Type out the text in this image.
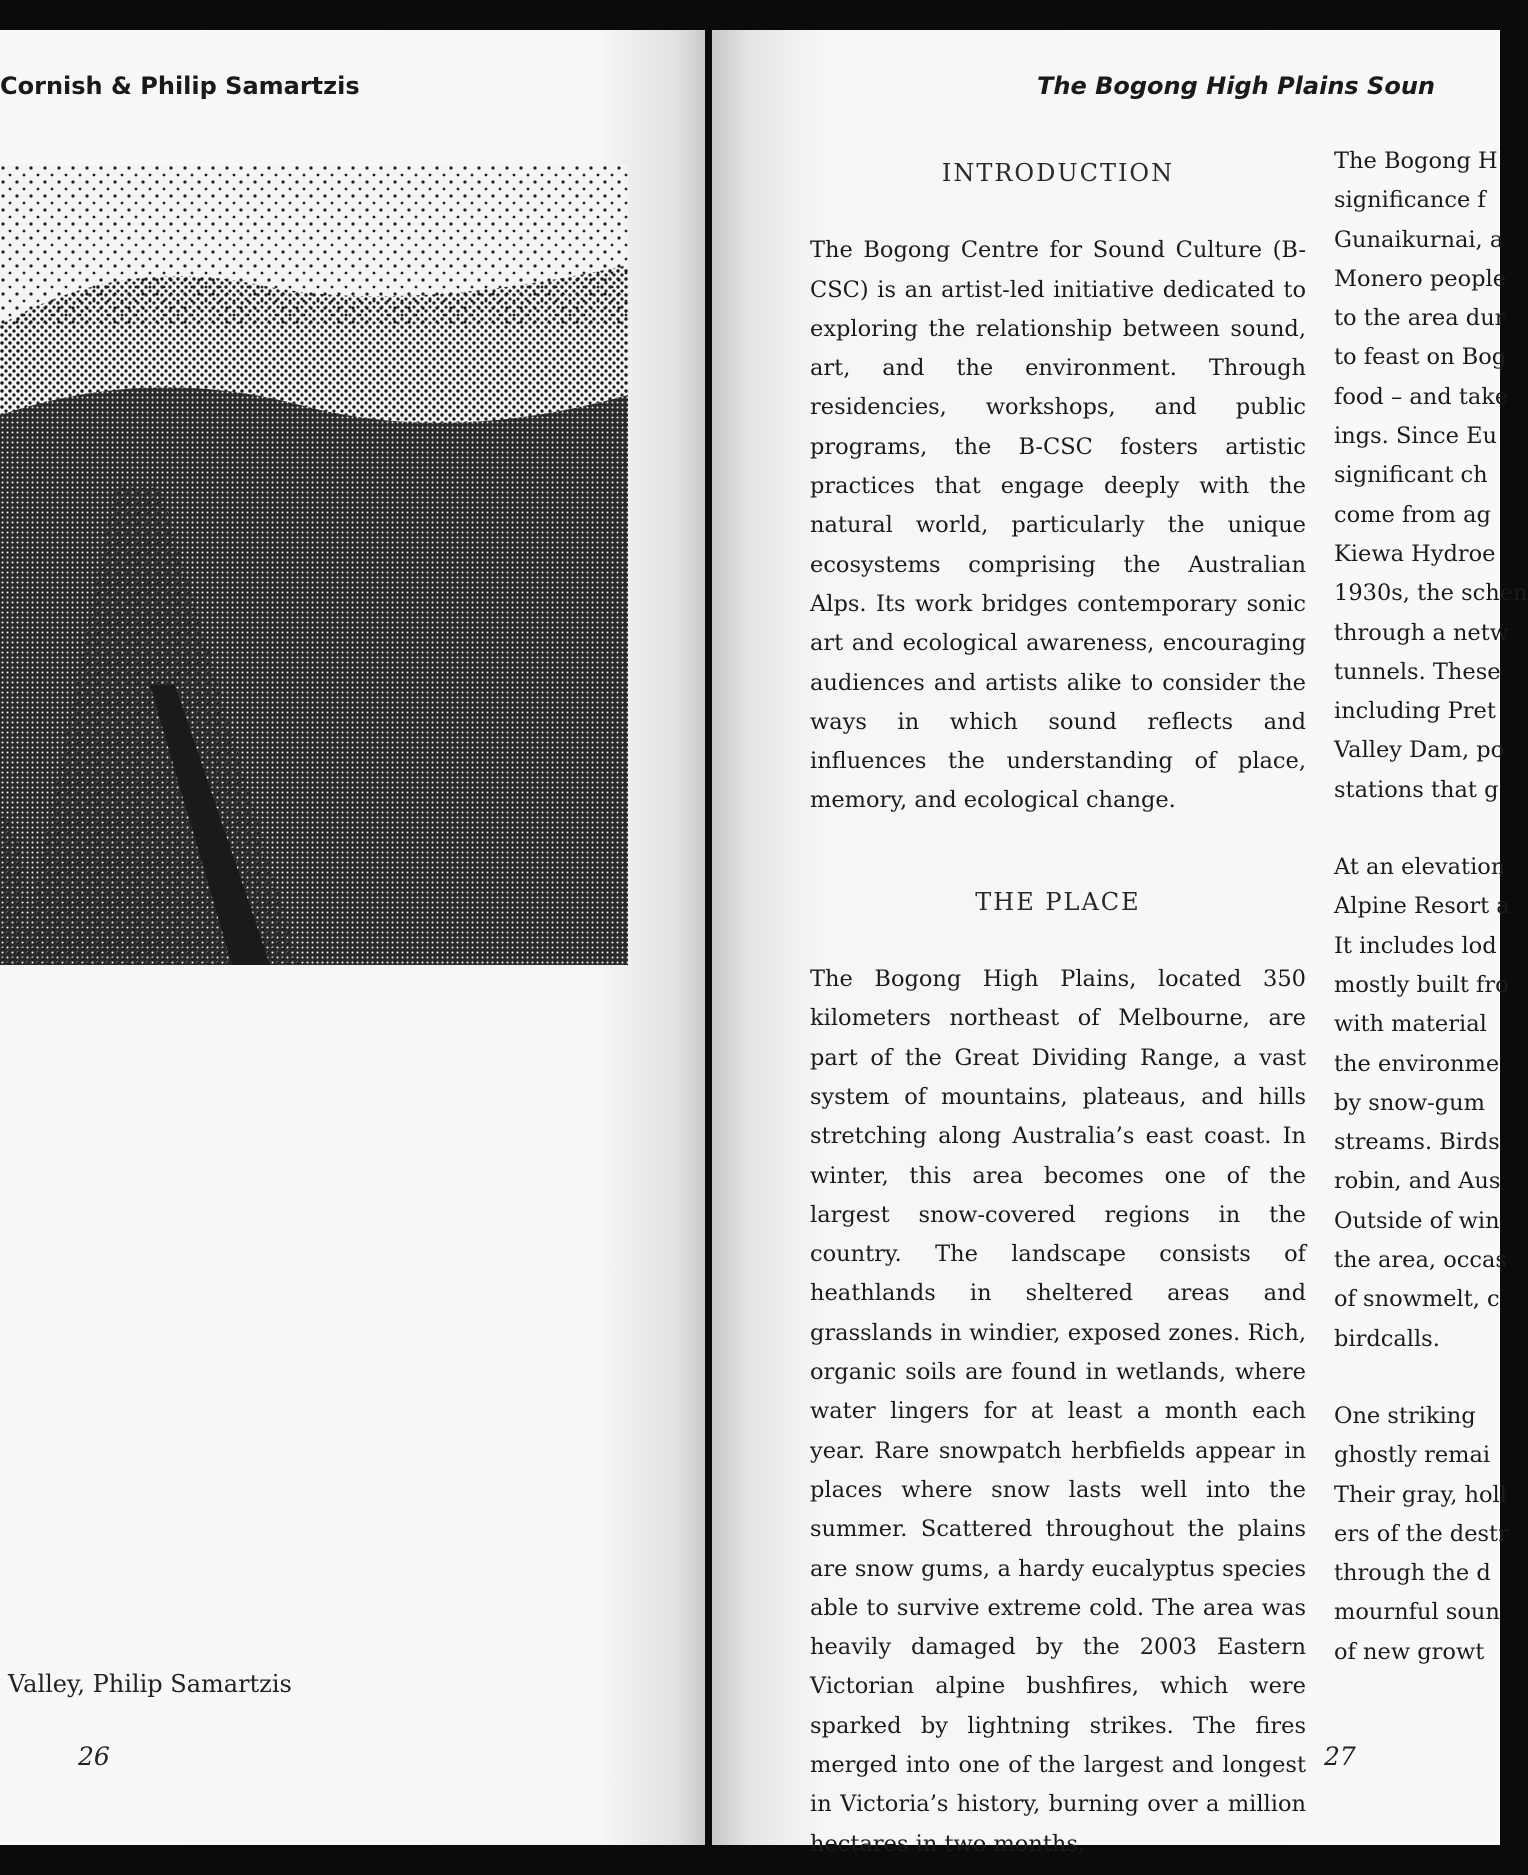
Cornish & Philip Samartzis

Valley, Philip Samartzis

26

The Bogong High Plains Soun

INTRODUCTION

The Bogong Centre for Sound Culture (B-CSC) is an artist-led initiative dedicated to exploring the relationship between sound, art, and the environment. Through residencies, workshops, and public programs, the B-CSC fosters artistic practices that engage deeply with the natural world, particularly the unique ecosystems comprising the Australian Alps. Its work bridges contemporary sonic art and ecological awareness, encouraging audiences and artists alike to consider the ways in which sound reflects and influences the understanding of place, memory, and ecological change.

THE PLACE

The Bogong High Plains, located 350 kilometers northeast of Melbourne, are part of the Great Dividing Range, a vast system of mountains, plateaus, and hills stretching along Australia’s east coast. In winter, this area becomes one of the largest snow-covered regions in the country. The landscape consists of heathlands in sheltered areas and grasslands in windier, exposed zones. Rich, organic soils are found in wetlands, where water lingers for at least a month each year. Rare snowpatch herbfields appear in places where snow lasts well into the summer. Scattered throughout the plains are snow gums, a hardy eucalyptus species able to survive extreme cold. The area was heavily damaged by the 2003 Eastern Victorian alpine bushfires, which were sparked by lightning strikes. The fires merged into one of the largest and longest in Victoria’s history, burning over a million hectares in two months.

The Bogong H
significance f
Gunaikurnai, a
Monero people
to the area dur
to feast on Bog
food – and take
ings. Since Eu
significant ch
come from ag
Kiewa Hydroe
1930s, the schen
through a netw
tunnels. These
including Pret
Valley Dam, po
stations that g

At an elevation
Alpine Resort a
It includes lod
mostly built fro
with material
the environme
by snow-gum
streams. Birds
robin, and Aus
Outside of win
the area, occas
of snowmelt, c
birdcalls.

One striking
ghostly remai
Their gray, holl
ers of the destr
through the d
mournful soun
of new growt

27
